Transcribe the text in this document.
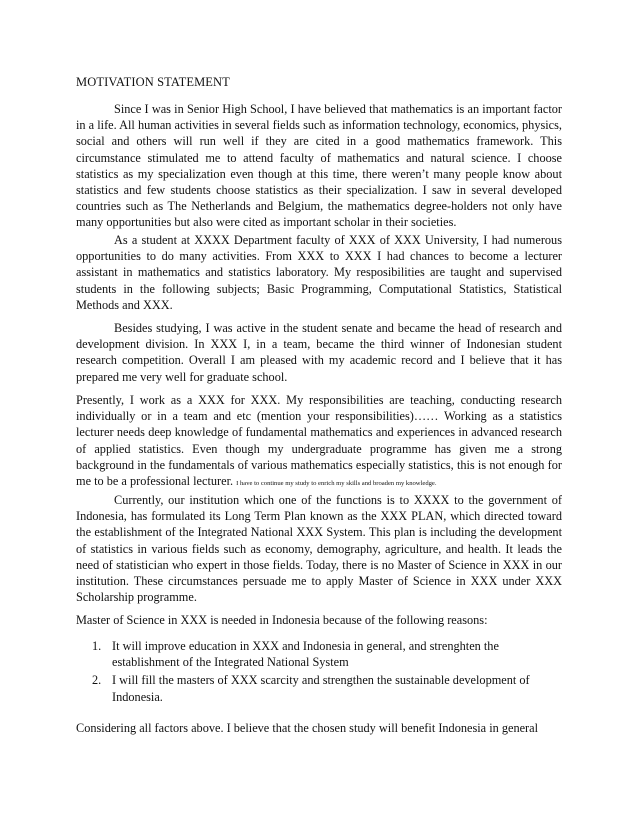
MOTIVATION STATEMENT

Since I was in Senior High School, I have believed that mathematics is an important factor in a life. All human activities in several fields such as information technology, economics, physics, social and others will run well if they are cited in a good mathematics framework. This circumstance stimulated me to attend faculty of mathematics and natural science. I choose statistics as my specialization even though at this time, there weren’t many people know about statistics and few students choose statistics as their specialization. I saw in several developed countries such as The Netherlands and Belgium, the mathematics degree-holders not only have many opportunities but also were cited as important scholar in their societies.

As a student at XXXX Department faculty of XXX of XXX University, I had numerous opportunities to do many activities. From XXX to XXX I had chances to become a lecturer assistant in mathematics and statistics laboratory. My resposibilities are taught and supervised students in the following subjects; Basic Programming, Computational Statistics, Statistical Methods and XXX.

Besides studying, I was active in the student senate and became the head of research and development division. In XXX I, in a team, became the third winner of Indonesian student research competition. Overall I am pleased with my academic record and I believe that it has prepared me very well for graduate school.

Presently, I work as a XXX for XXX. My responsibilities are teaching, conducting research individually or in a team and etc (mention your responsibilities)…… Working as a statistics lecturer needs deep knowledge of fundamental mathematics and experiences in advanced research of applied statistics. Even though my undergraduate programme has given me a strong background in the fundamentals of various mathematics especially statistics, this is not enough for me to be a professional lecturer. I have to continue my study to enrich my skills and broaden my knowledge.

Currently, our institution which one of the functions is to XXXX to the government of Indonesia, has formulated its Long Term Plan known as the XXX PLAN, which directed toward the establishment of the Integrated National XXX System. This plan is including the development of statistics in various fields such as economy, demography, agriculture, and health. It leads the need of statistician who expert in those fields. Today, there is no Master of Science in XXX in our institution. These circumstances persuade me to apply Master of Science in XXX under XXX Scholarship programme.

Master of Science in XXX is needed in Indonesia because of the following reasons:

1. It will improve education in XXX and Indonesia in general, and strenghten the establishment of the Integrated National System
2. I will fill the masters of XXX scarcity and strengthen the sustainable development of Indonesia.

Considering all factors above. I believe that the chosen study will benefit Indonesia in general
